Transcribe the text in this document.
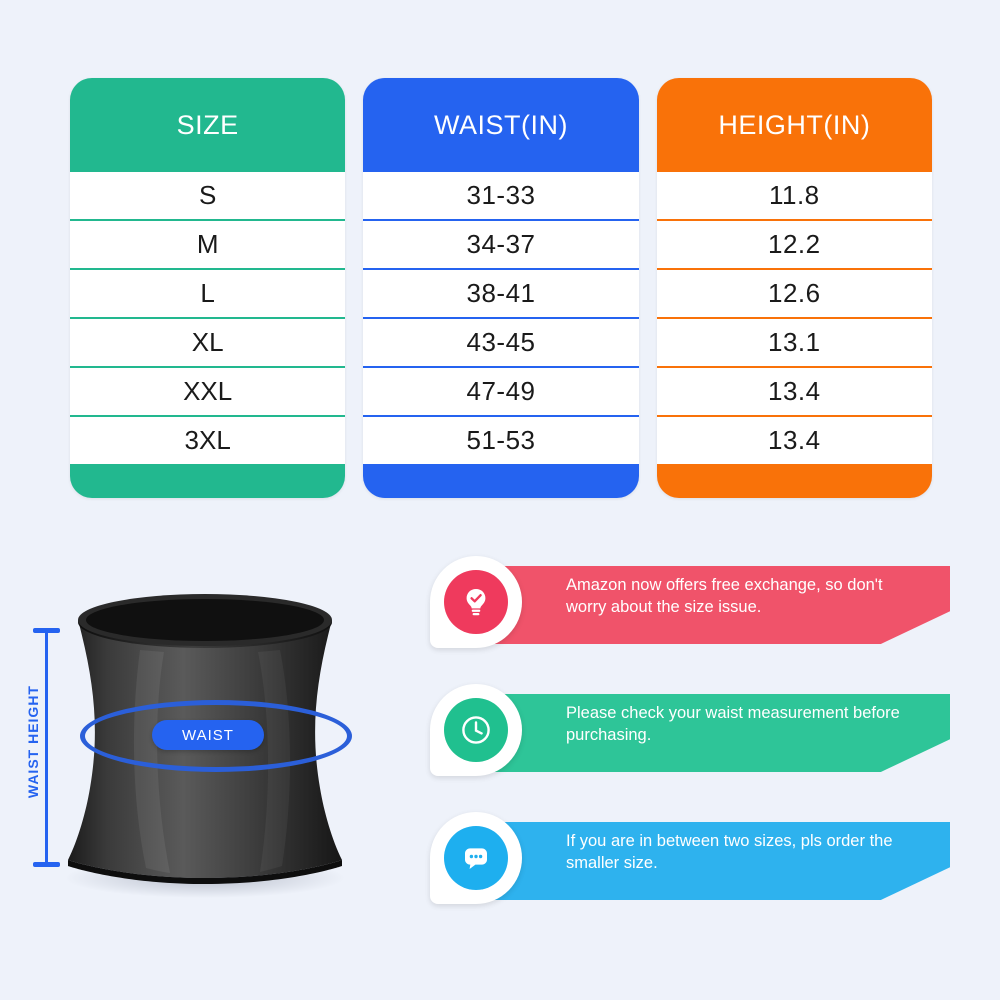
SIZE
S
M
L
XL
XXL
3XL
WAIST(IN)
31-33
34-37
38-41
43-45
47-49
51-53
HEIGHT(IN)
11.8
12.2
12.6
13.1
13.4
13.4
WAIST HEIGHT	WAIST
Amazon now offers free exchange, so don't worry about the size issue.
Please check your waist measurement before purchasing.
If you are in between two sizes, pls order the smaller size.
